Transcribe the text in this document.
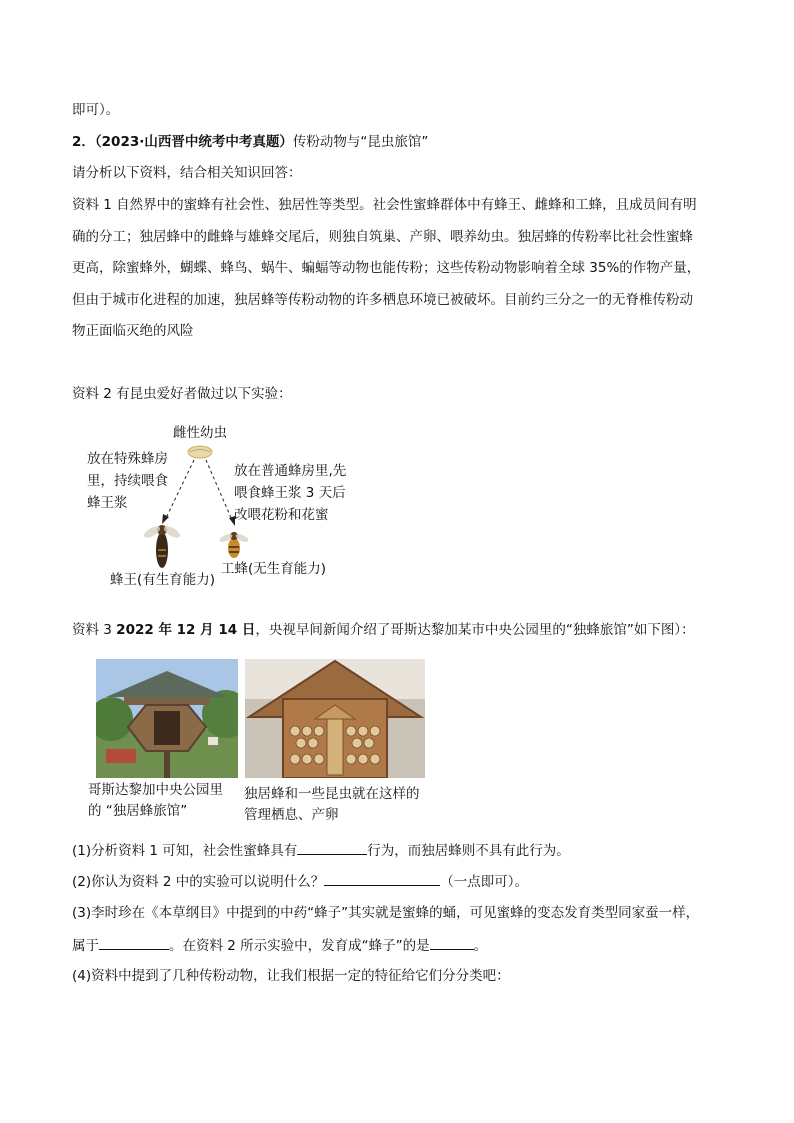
即可）。
2．（2023·山西晋中统考中考真题）传粉动物与“昆虫旅馆”
请分析以下资料，结合相关知识回答：
资料 1 自然界中的蜜蜂有社会性、独居性等类型。社会性蜜蜂群体中有蜂王、雌蜂和工蜂，且成员间有明
确的分工；独居蜂中的雌蜂与雄蜂交尾后，则独自筑巢、产卵、喂养幼虫。独居蜂的传粉率比社会性蜜蜂
更高，除蜜蜂外，蝴蝶、蜂鸟、蜗牛、蝙蝠等动物也能传粉；这些传粉动物影响着全球 35%的作物产量，
但由于城市化进程的加速，独居蜂等传粉动物的许多栖息环境已被破坏。目前约三分之一的无脊椎传粉动
物正面临灭绝的风险
资料 2 有昆虫爱好者做过以下实验：
雌性幼虫
放在特殊蜂房
里，持续喂食
蜂王浆
放在普通蜂房里,先
喂食蜂王浆 3 天后
改喂花粉和花蜜
蜂王(有生育能力)
工蜂(无生育能力)
资料 3 2022 年 12 月 14 日，央视早间新闻介绍了哥斯达黎加某市中央公园里的“独蜂旅馆”如下图）：
哥斯达黎加中央公园里
的 “独居蜂旅馆”
独居蜂和一些昆虫就在这样的
管理栖息、产卵
(1)分析资料 1 可知，社会性蜜蜂具有	行为，而独居蜂则不具有此行为。
(2)你认为资料 2 中的实验可以说明什么？	（一点即可）。
(3)李时珍在《本草纲目》中提到的中药“蜂子”其实就是蜜蜂的蛹，可见蜜蜂的变态发育类型同家蚕一样，
属于	。在资料 2 所示实验中，发育成“蜂子”的是	。
(4)资料中提到了几种传粉动物，让我们根据一定的特征给它们分分类吧：
